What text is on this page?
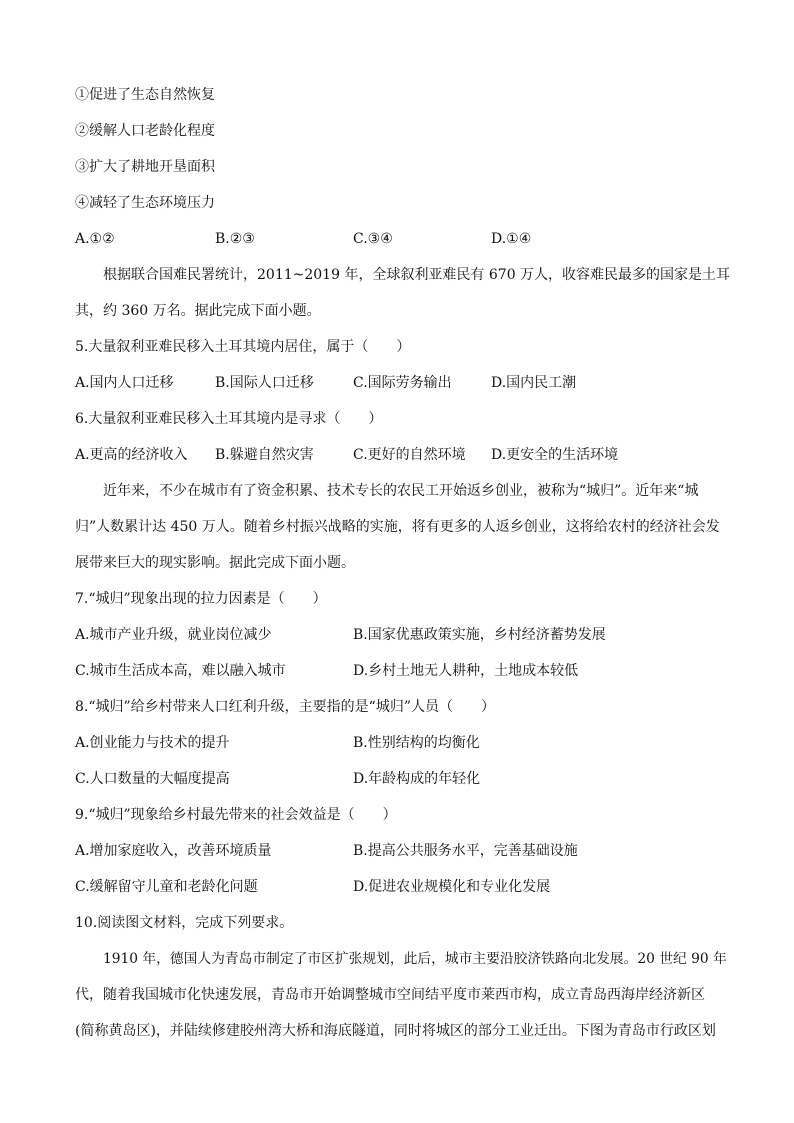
①促进了生态自然恢复
②缓解人口老龄化程度
③扩大了耕地开垦面积
④减轻了生态环境压力
A.①②	B.②③	C.③④	D.①④
根据联合国难民署统计，2011~2019 年，全球叙利亚难民有 670 万人，收容难民最多的国家是土耳
其，约 360 万名。据此完成下面小题。
5.大量叙利亚难民移入土耳其境内居住，属于（　　）
A.国内人口迁移	B.国际人口迁移	C.国际劳务输出	D.国内民工潮
6.大量叙利亚难民移入土耳其境内是寻求（　　）
A.更高的经济收入 B.躲避自然灾害	C.更好的自然环境 D.更安全的生活环境
近年来，不少在城市有了资金积累、技术专长的农民工开始返乡创业，被称为“城归”。近年来“城
归”人数累计达 450 万人。随着乡村振兴战略的实施，将有更多的人返乡创业，这将给农村的经济社会发
展带来巨大的现实影响。据此完成下面小题。
7.“城归”现象出现的拉力因素是（　　）
A.城市产业升级，就业岗位减少	B.国家优惠政策实施，乡村经济蓄势发展
C.城市生活成本高，难以融入城市	D.乡村土地无人耕种，土地成本较低
8.“城归”给乡村带来人口红利升级，主要指的是“城归”人员（　　）
A.创业能力与技术的提升	B.性别结构的均衡化
C.人口数量的大幅度提高	D.年龄构成的年轻化
9.“城归”现象给乡村最先带来的社会效益是（　　）
A.增加家庭收入，改善环境质量	B.提高公共服务水平，完善基础设施
C.缓解留守儿童和老龄化问题	D.促进农业规模化和专业化发展
10.阅读图文材料，完成下列要求。
1910 年，德国人为青岛市制定了市区扩张规划，此后，城市主要沿胶济铁路向北发展。20 世纪 90 年
代，随着我国城市化快速发展，青岛市开始调整城市空间结平度市莱西市构，成立青岛西海岸经济新区
(简称黄岛区)，并陆续修建胶州湾大桥和海底隧道，同时将城区的部分工业迁出。下图为青岛市行政区划
